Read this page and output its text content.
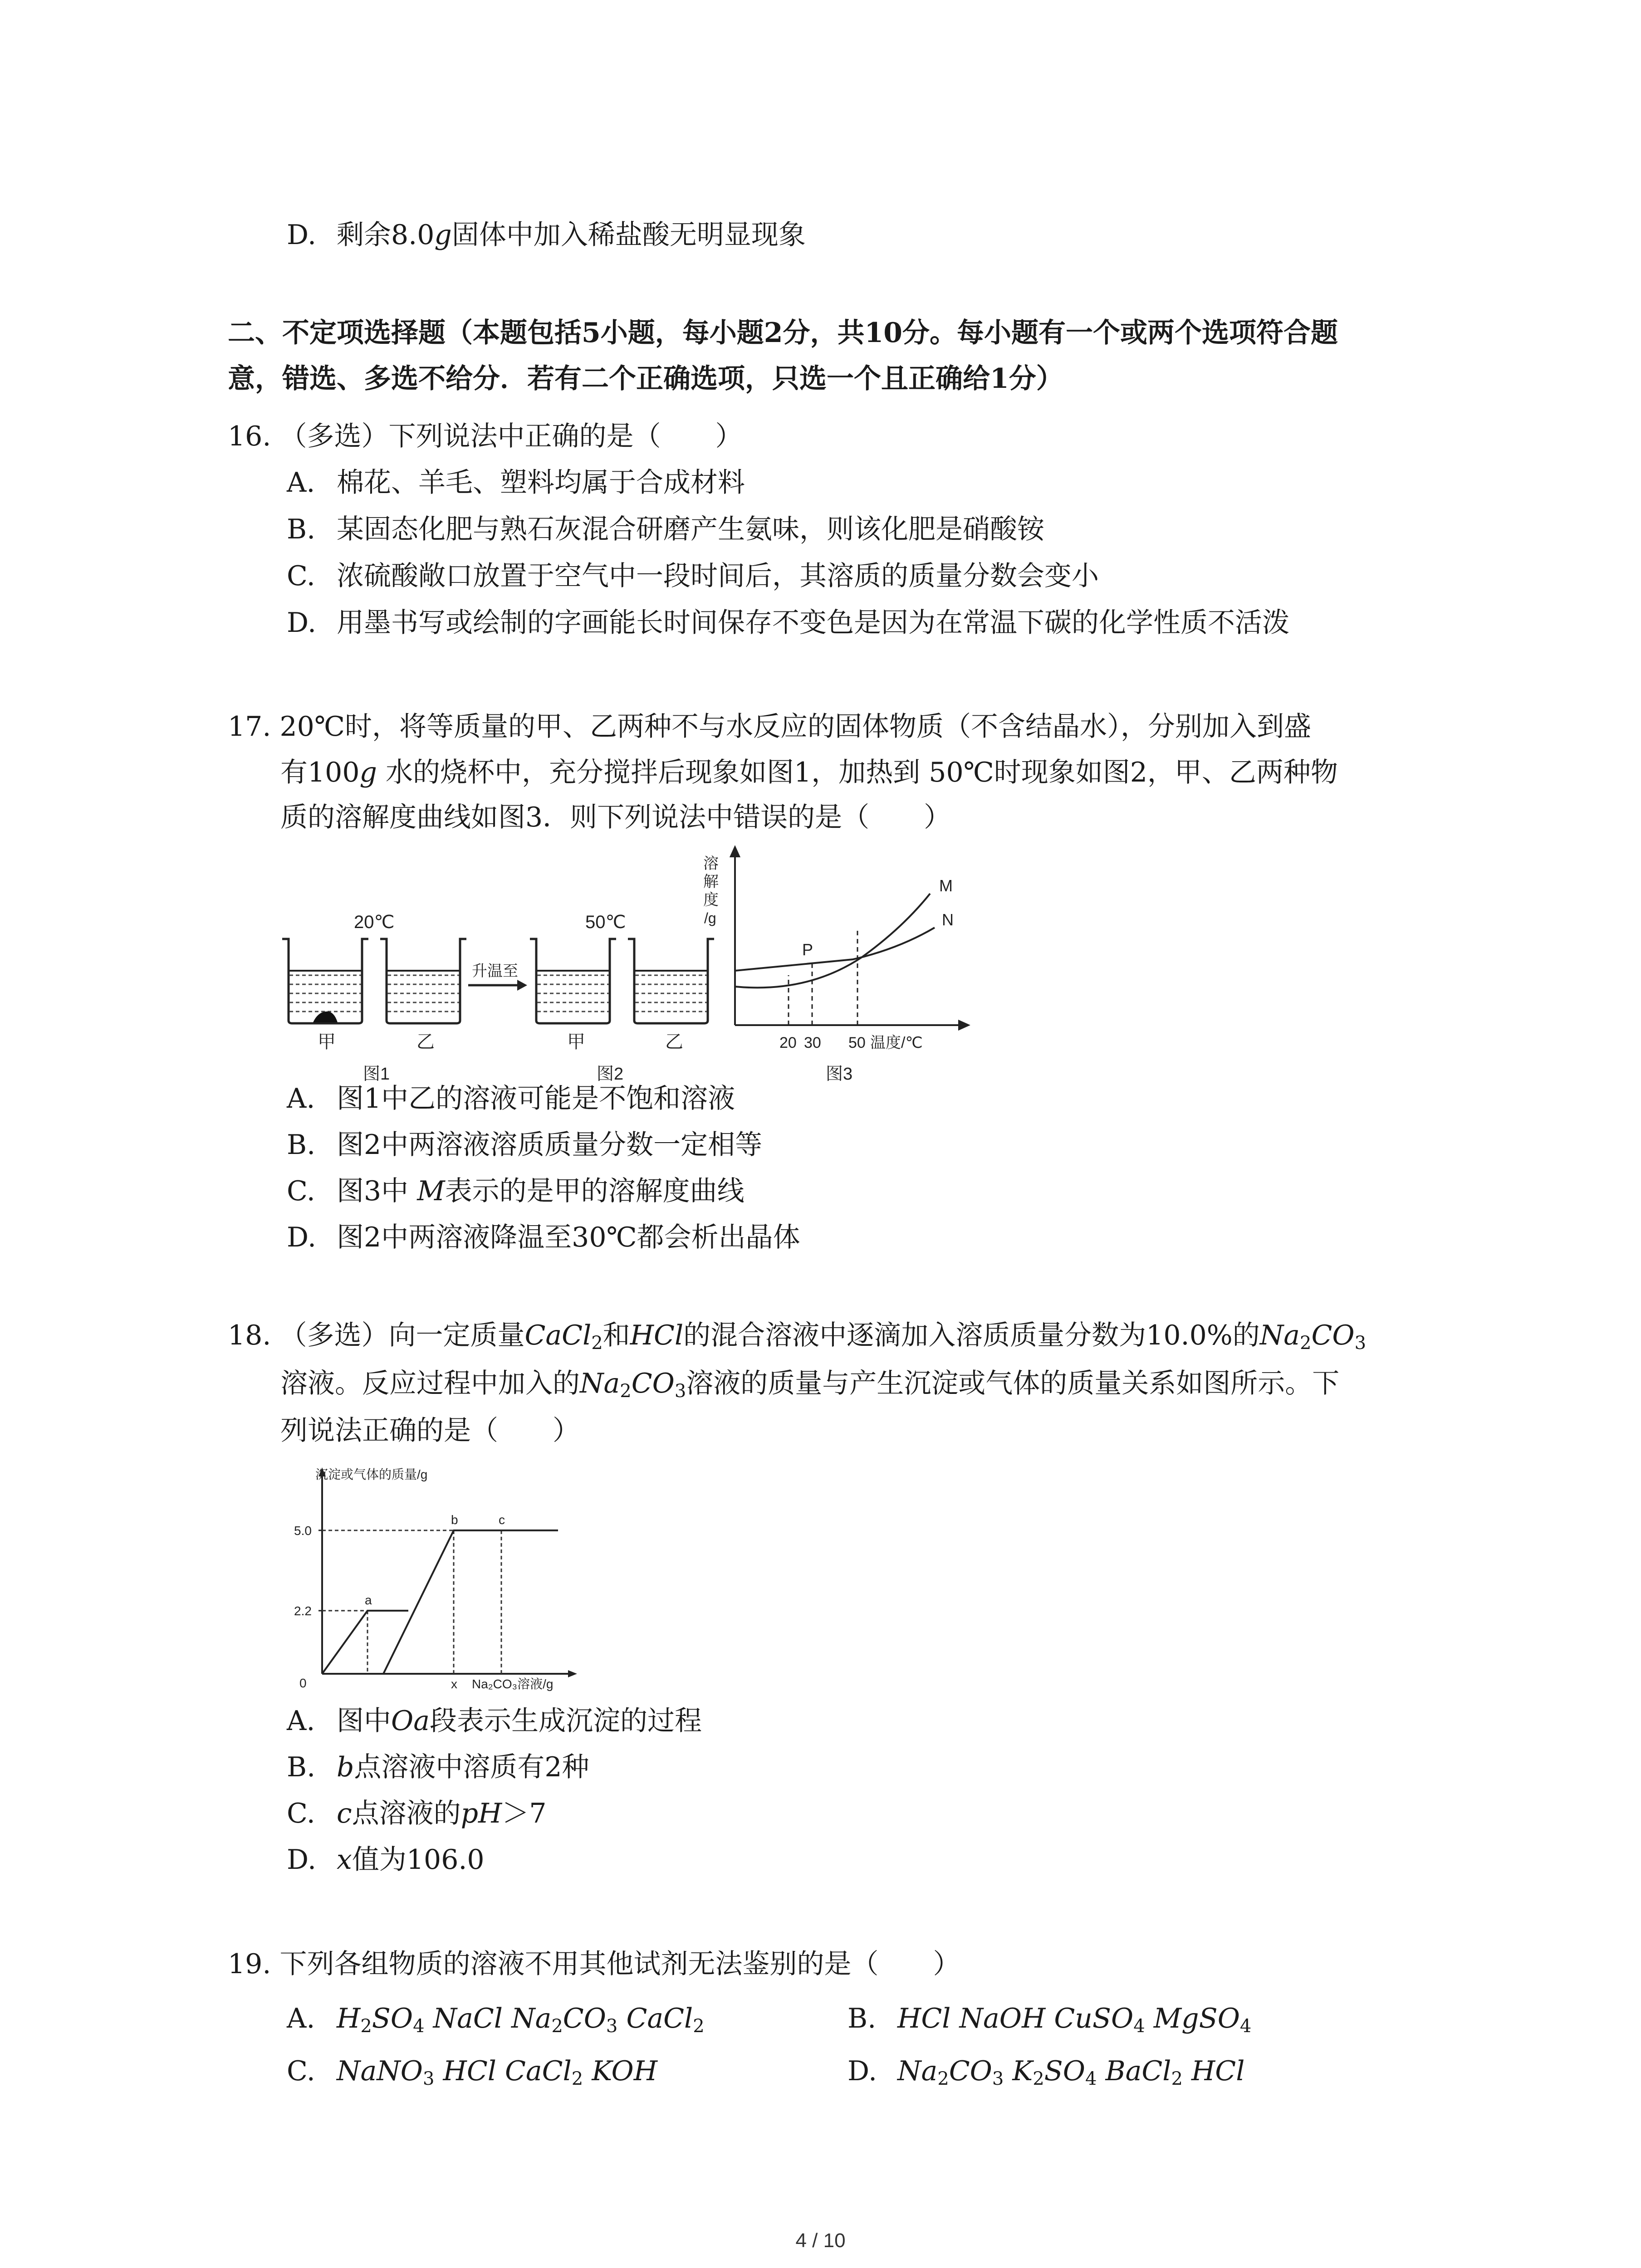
D. 剩余8.0g固体中加入稀盐酸无明显现象
二、不定项选择题（本题包括5小题，每小题2分，共10分。每小题有一个或两个选项符合题
意，错选、多选不给分．若有二个正确选项，只选一个且正确给1分）
16. （多选）下列说法中正确的是（　　）
A. 棉花、羊毛、塑料均属于合成材料
B. 某固态化肥与熟石灰混合研磨产生氨味，则该化肥是硝酸铵
C. 浓硫酸敞口放置于空气中一段时间后，其溶质的质量分数会变小
D. 用墨书写或绘制的字画能长时间保存不变色是因为在常温下碳的化学性质不活泼
17. 20℃时，将等质量的甲、乙两种不与水反应的固体物质（不含结晶水），分别加入到盛
有100g 水的烧杯中，充分搅拌后现象如图1，加热到 50℃时现象如图2，甲、乙两种物
质的溶解度曲线如图3．则下列说法中错误的是（　　）
升温至
20℃	50℃
甲	乙	甲	乙
图1	图2	图3
溶
解
度
/g
M
N
P
20 30 50 温度/℃
A. 图1中乙的溶液可能是不饱和溶液
B. 图2中两溶液溶质质量分数一定相等
C. 图3中 M表示的是甲的溶解度曲线
D. 图2中两溶液降温至30℃都会析出晶体
18. （多选）向一定质量CaCl$_2$和HCl的混合溶液中逐滴加入溶质质量分数为10.0%的$Na_2CO_3$
溶液。反应过程中加入的$Na_2CO_3$溶液的质量与产生沉淀或气体的质量关系如图所示。下
列说法正确的是（　　）
沉淀或气体的质量/g
5.0
2.2
0
a
b	c
x Na₂CO₃溶液/g
A. 图中Oa段表示生成沉淀的过程
B. b点溶液中溶质有2种
C. c点溶液的pH＞7
D. x值为106.0
19. 下列各组物质的溶液不用其他试剂无法鉴别的是（　　）
A. $H_2SO_4$ NaCl $Na_2CO_3$ CaCl$_2$	B. HCl NaOH CuSO$_4$ MgSO$_4$
C. NaNO$_3$ HCl CaCl$_2$ KOH	D. $Na_2CO_3$ $K_2SO_4$ BaCl$_2$ HCl
4 / 10
